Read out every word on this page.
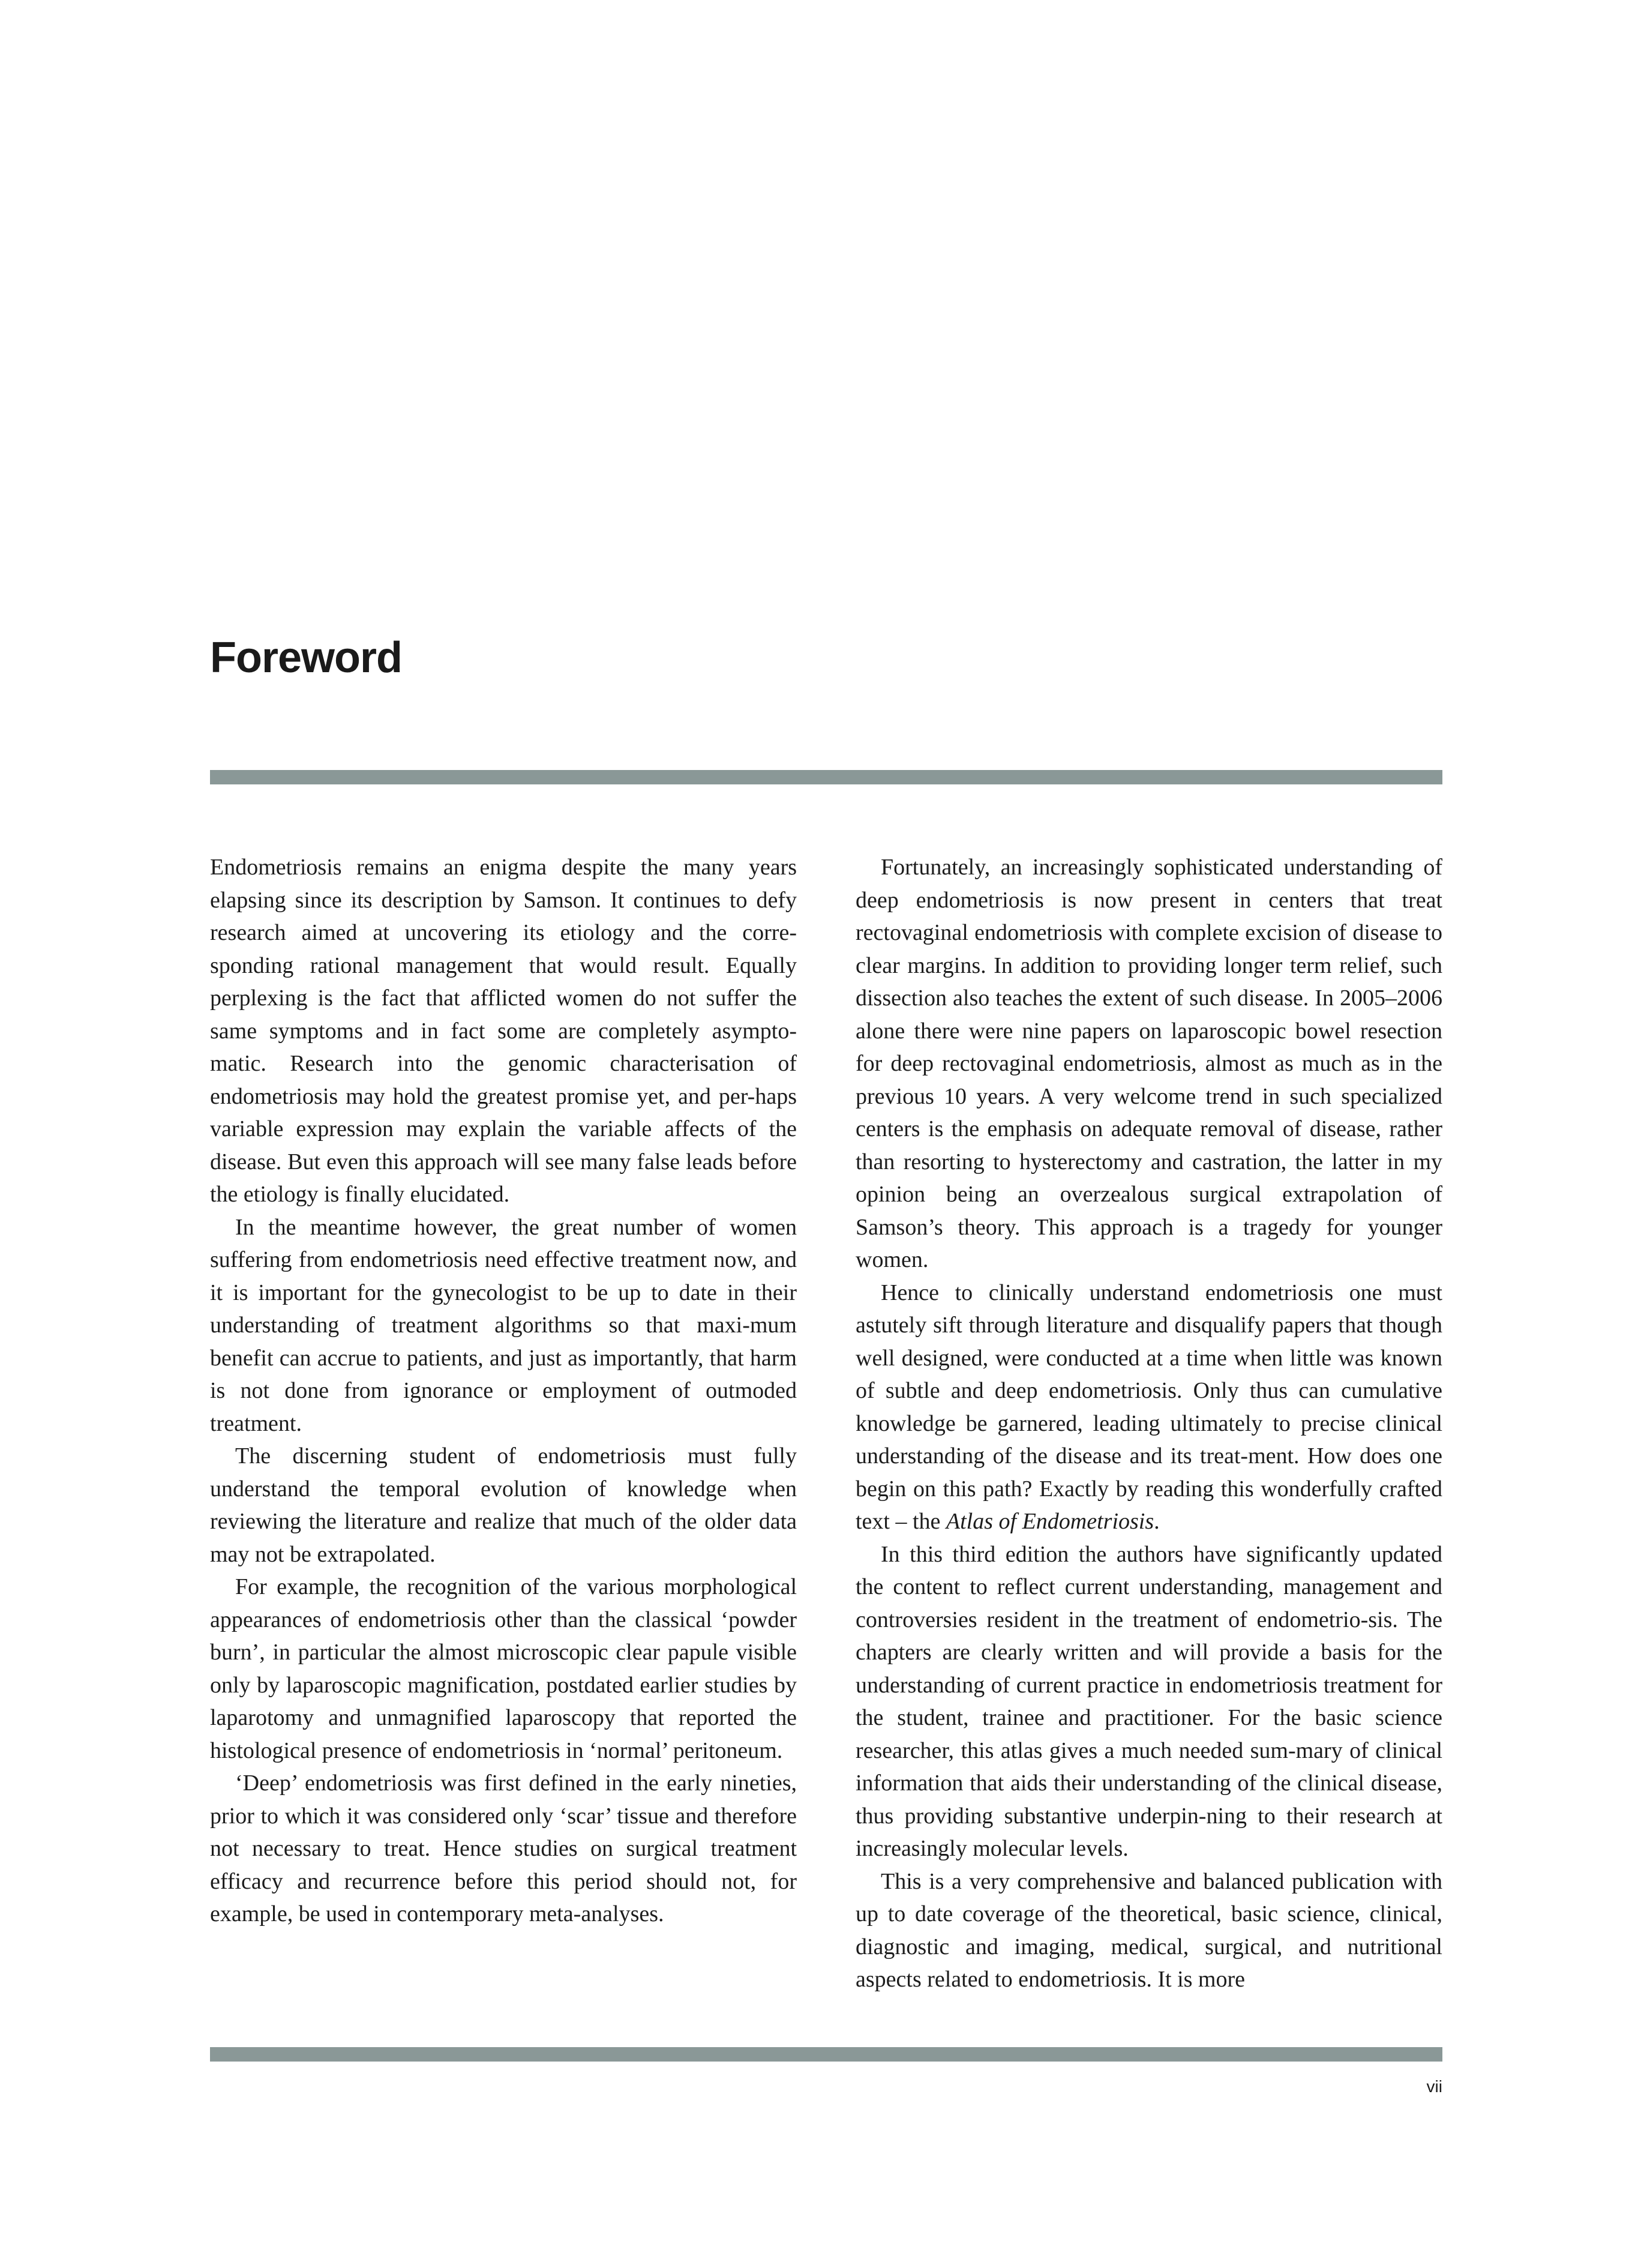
Foreword

Endometriosis remains an enigma despite the many years elapsing since its description by Samson. It continues to defy research aimed at uncovering its etiology and the corre-sponding rational management that would result. Equally perplexing is the fact that afflicted women do not suffer the same symptoms and in fact some are completely asympto-matic. Research into the genomic characterisation of endometriosis may hold the greatest promise yet, and per-haps variable expression may explain the variable affects of the disease. But even this approach will see many false leads before the etiology is finally elucidated.

In the meantime however, the great number of women suffering from endometriosis need effective treatment now, and it is important for the gynecologist to be up to date in their understanding of treatment algorithms so that maxi-mum benefit can accrue to patients, and just as importantly, that harm is not done from ignorance or employment of outmoded treatment.

The discerning student of endometriosis must fully understand the temporal evolution of knowledge when reviewing the literature and realize that much of the older data may not be extrapolated.

For example, the recognition of the various morphological appearances of endometriosis other than the classical ‘powder burn’, in particular the almost microscopic clear papule visible only by laparoscopic magnification, postdated earlier studies by laparotomy and unmagnified laparoscopy that reported the histological presence of endometriosis in ‘normal’ peritoneum.

‘Deep’ endometriosis was first defined in the early nineties, prior to which it was considered only ‘scar’ tissue and therefore not necessary to treat. Hence studies on surgical treatment efficacy and recurrence before this period should not, for example, be used in contemporary meta-analyses.

Fortunately, an increasingly sophisticated understanding of deep endometriosis is now present in centers that treat rectovaginal endometriosis with complete excision of disease to clear margins. In addition to providing longer term relief, such dissection also teaches the extent of such disease. In 2005–2006 alone there were nine papers on laparoscopic bowel resection for deep rectovaginal endometriosis, almost as much as in the previous 10 years. A very welcome trend in such specialized centers is the emphasis on adequate removal of disease, rather than resorting to hysterectomy and castration, the latter in my opinion being an overzealous surgical extrapolation of Samson’s theory. This approach is a tragedy for younger women.

Hence to clinically understand endometriosis one must astutely sift through literature and disqualify papers that though well designed, were conducted at a time when little was known of subtle and deep endometriosis. Only thus can cumulative knowledge be garnered, leading ultimately to precise clinical understanding of the disease and its treat-ment. How does one begin on this path? Exactly by reading this wonderfully crafted text – the Atlas of Endometriosis.

In this third edition the authors have significantly updated the content to reflect current understanding, management and controversies resident in the treatment of endometrio-sis. The chapters are clearly written and will provide a basis for the understanding of current practice in endometriosis treatment for the student, trainee and practitioner. For the basic science researcher, this atlas gives a much needed sum-mary of clinical information that aids their understanding of the clinical disease, thus providing substantive underpin-ning to their research at increasingly molecular levels.

This is a very comprehensive and balanced publication with up to date coverage of the theoretical, basic science, clinical, diagnostic and imaging, medical, surgical, and nutritional aspects related to endometriosis. It is more

vii
